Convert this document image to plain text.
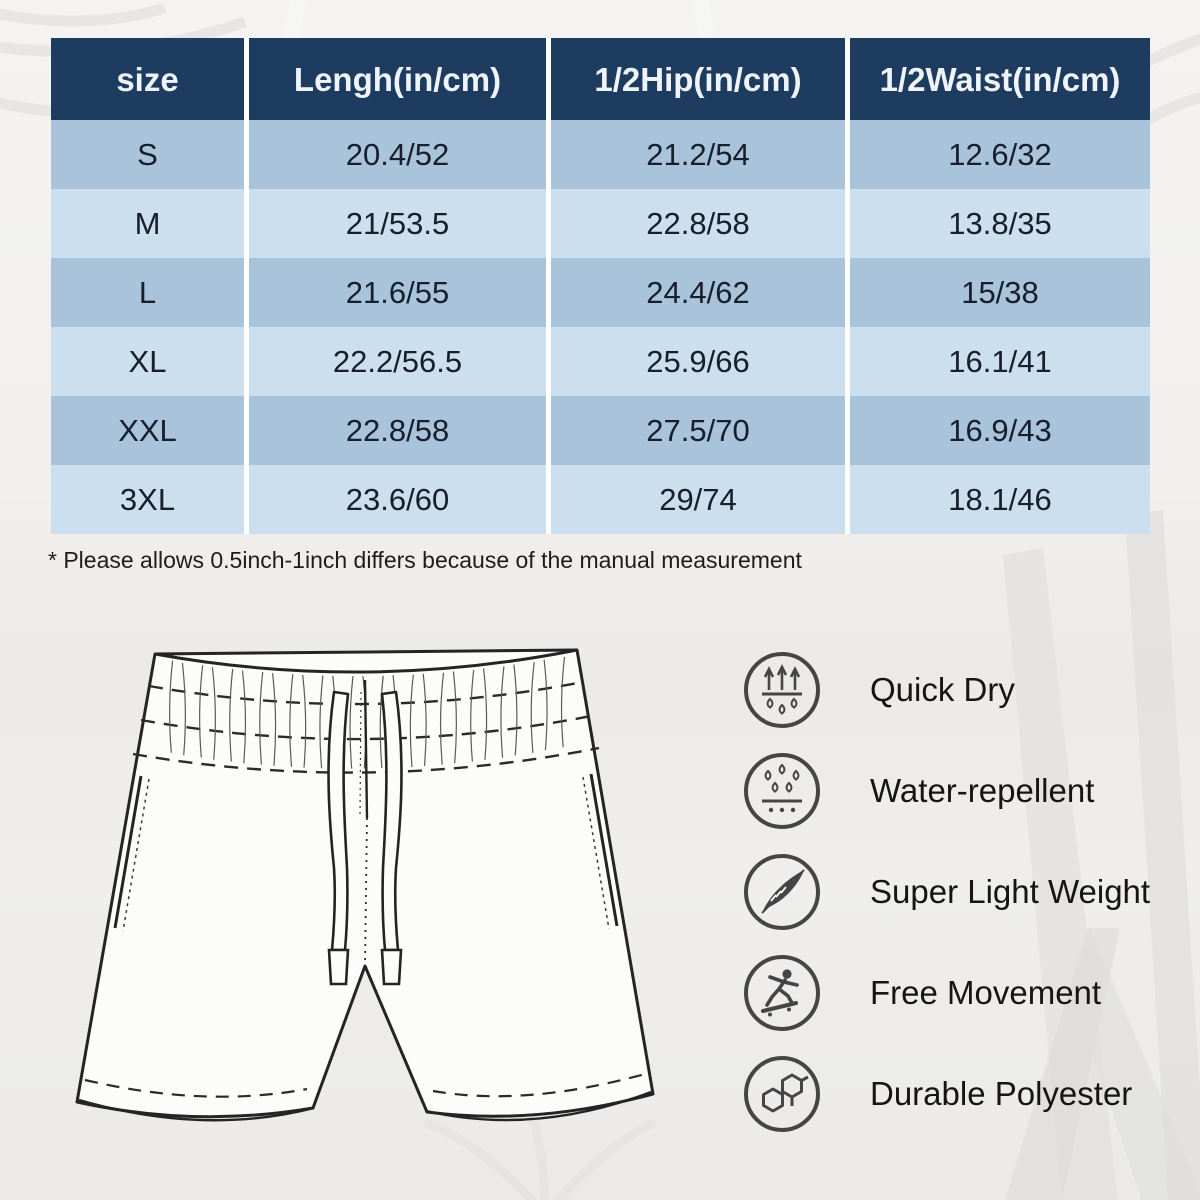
size	Lengh(in/cm)	1/2Hip(in/cm)	1/2Waist(in/cm)
S	20.4/52	21.2/54	12.6/32
M	21/53.5	22.8/58	13.8/35
L	21.6/55	24.4/62	15/38
XL	22.2/56.5	25.9/66	16.1/41
XXL	22.8/58	27.5/70	16.9/43
3XL	23.6/60	29/74	18.1/46
* Please allows 0.5inch-1inch differs because of the manual measurement
Quick Dry
Water-repellent
Super Light Weight
Free Movement
Durable Polyester
